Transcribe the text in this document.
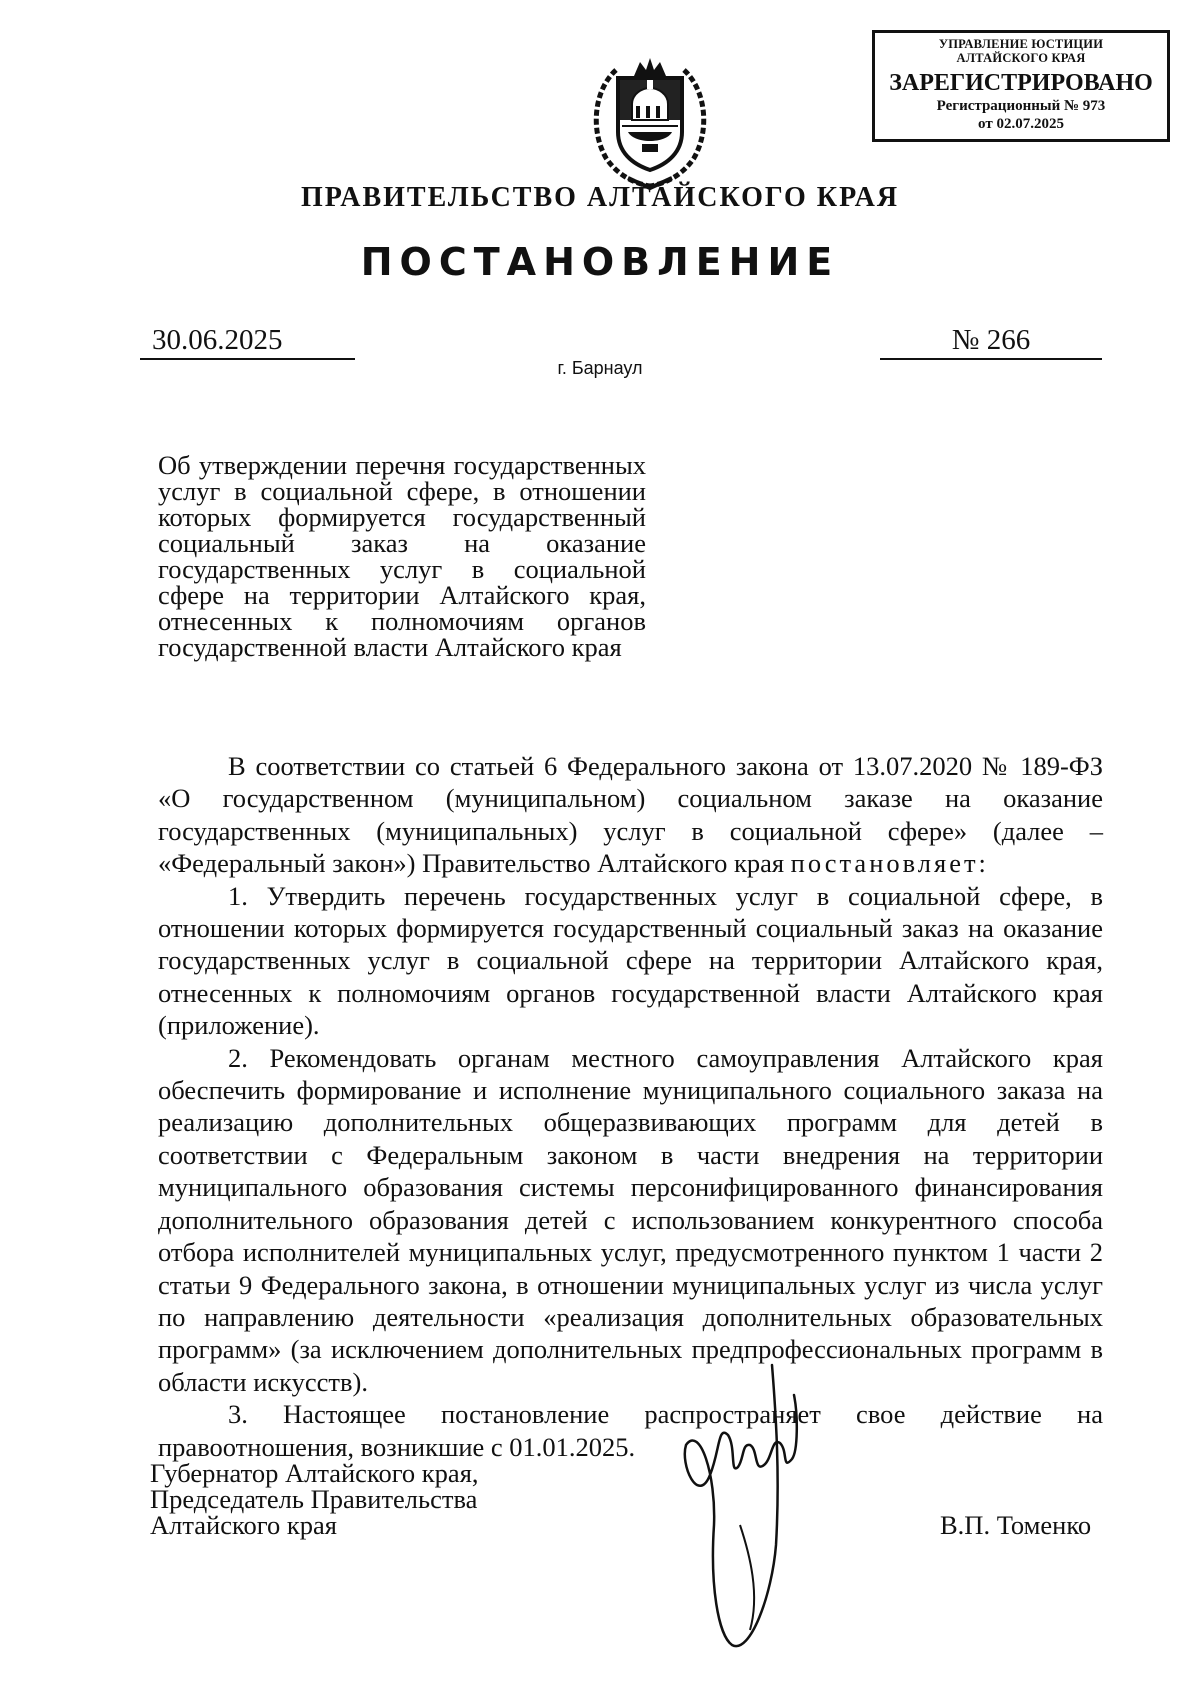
УПРАВЛЕНИЕ ЮСТИЦИИ
АЛТАЙСКОГО КРАЯ
ЗАРЕГИСТРИРОВАНО
Регистрационный № 973
от 02.07.2025
ПРАВИТЕЛЬСТВО АЛТАЙСКОГО КРАЯ
ПОСТАНОВЛЕНИЕ
30.06.2025	№ 266
г. Барнаул
Об утверждении перечня государственных услуг в социальной сфере, в отношении которых формируется государственный социальный заказ на оказание государственных услуг в социальной сфере на территории Алтайского края, отнесенных к полномочиям органов государственной власти Алтайского края

В соответствии со статьей 6 Федерального закона от 13.07.2020 № 189-ФЗ «О государственном (муниципальном) социальном заказе на оказание государственных (муниципальных) услуг в социальной сфере» (далее – «Федеральный закон») Правительство Алтайского края постановляет:

1. Утвердить перечень государственных услуг в социальной сфере, в отношении которых формируется государственный социальный заказ на оказание государственных услуг в социальной сфере на территории Алтайского края, отнесенных к полномочиям органов государственной власти Алтайского края (приложение).

2. Рекомендовать органам местного самоуправления Алтайского края обеспечить формирование и исполнение муниципального социального заказа на реализацию дополнительных общеразвивающих программ для детей в соответствии с Федеральным законом в части внедрения на территории муниципального образования системы персонифицированного финансирования дополнительного образования детей с использованием конкурентного способа отбора исполнителей муниципальных услуг, предусмотренного пунктом 1 части 2 статьи 9 Федерального закона, в отношении муниципальных услуг из числа услуг по направлению деятельности «реализация дополнительных образовательных программ» (за исключением дополнительных предпрофессиональных программ в области искусств).

3. Настоящее постановление распространяет свое действие на правоотношения, возникшие с 01.01.2025.

Губернатор Алтайского края,
Председатель Правительства
Алтайского края	В.П. Томенко
